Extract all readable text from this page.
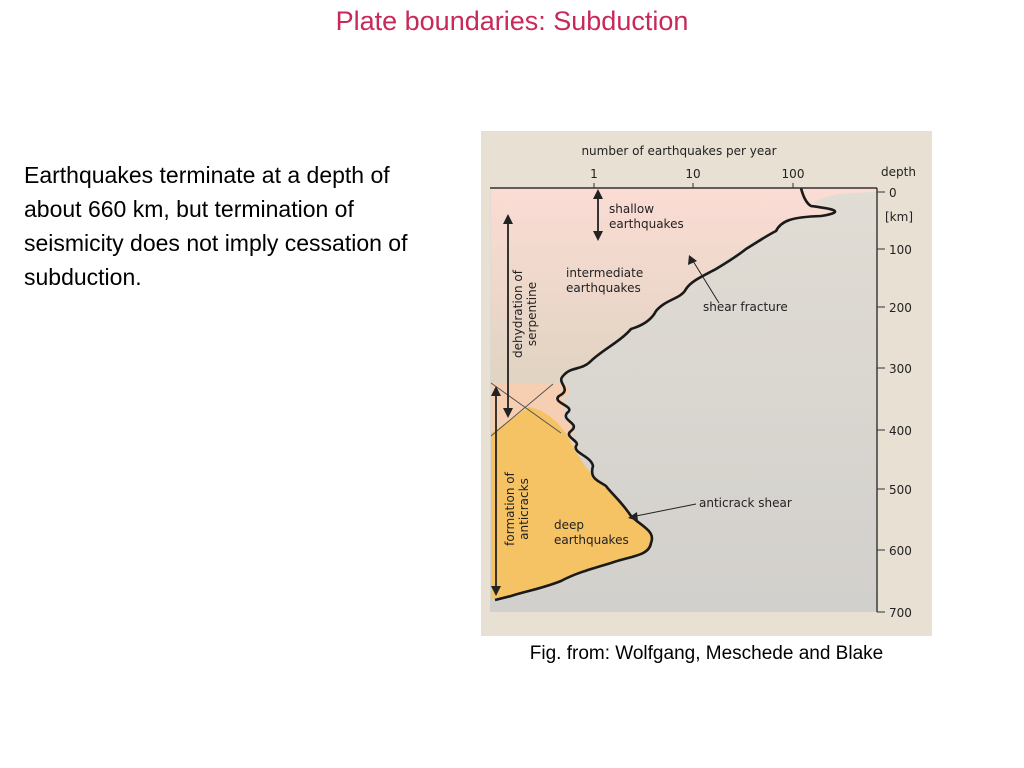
Plate boundaries: Subduction

Earthquakes terminate at a depth of about 660 km, but termination of seismicity does not imply cessation of subduction.

number of earthquakes per year
1	10	100	depth
[km]
0
100
200
300
400
500
600
700
shallow
earthquakes
intermediate
earthquakes
shear fracture
dehydration of serpentine
formation of anticracks	anticrack shear
deep
earthquakes
Fig. from: Wolfgang, Meschede and Blake
